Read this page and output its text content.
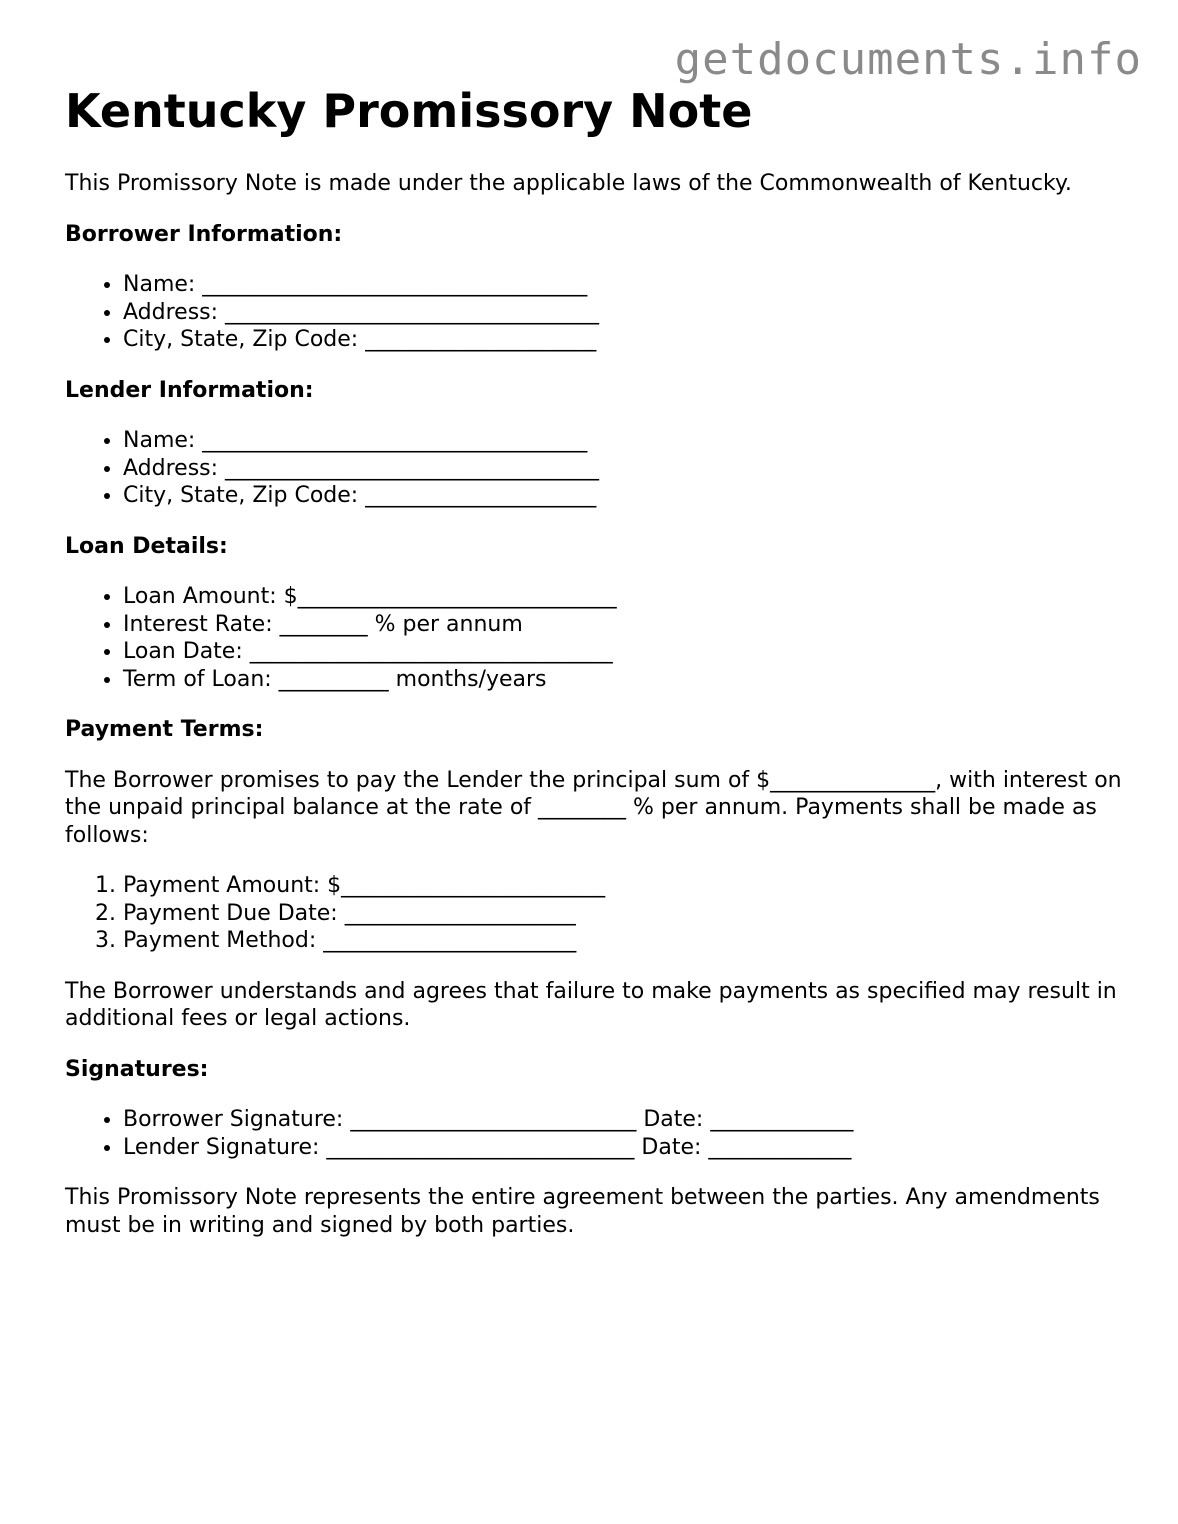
getdocuments.info
Kentucky Promissory Note

This Promissory Note is made under the applicable laws of the Commonwealth of Kentucky.

Borrower Information:
• Name: ___________________________________
• Address: __________________________________
• City, State, Zip Code: _____________________
Lender Information:
• Name: ___________________________________
• Address: __________________________________
• City, State, Zip Code: _____________________
Loan Details:
• Loan Amount: $_____________________________
• Interest Rate: ________ % per annum
• Loan Date: _________________________________
• Term of Loan: __________ months/years
Payment Terms:

The Borrower promises to pay the Lender the principal sum of $_______________, with interest on the unpaid principal balance at the rate of ________ % per annum. Payments shall be made as follows:

1. Payment Amount: $________________________
2. Payment Due Date: _____________________
3. Payment Method: _______________________

The Borrower understands and agrees that failure to make payments as specified may result in additional fees or legal actions.

Signatures:
• Borrower Signature: __________________________ Date: _____________
• Lender Signature: ____________________________ Date: _____________

This Promissory Note represents the entire agreement between the parties. Any amendments must be in writing and signed by both parties.
